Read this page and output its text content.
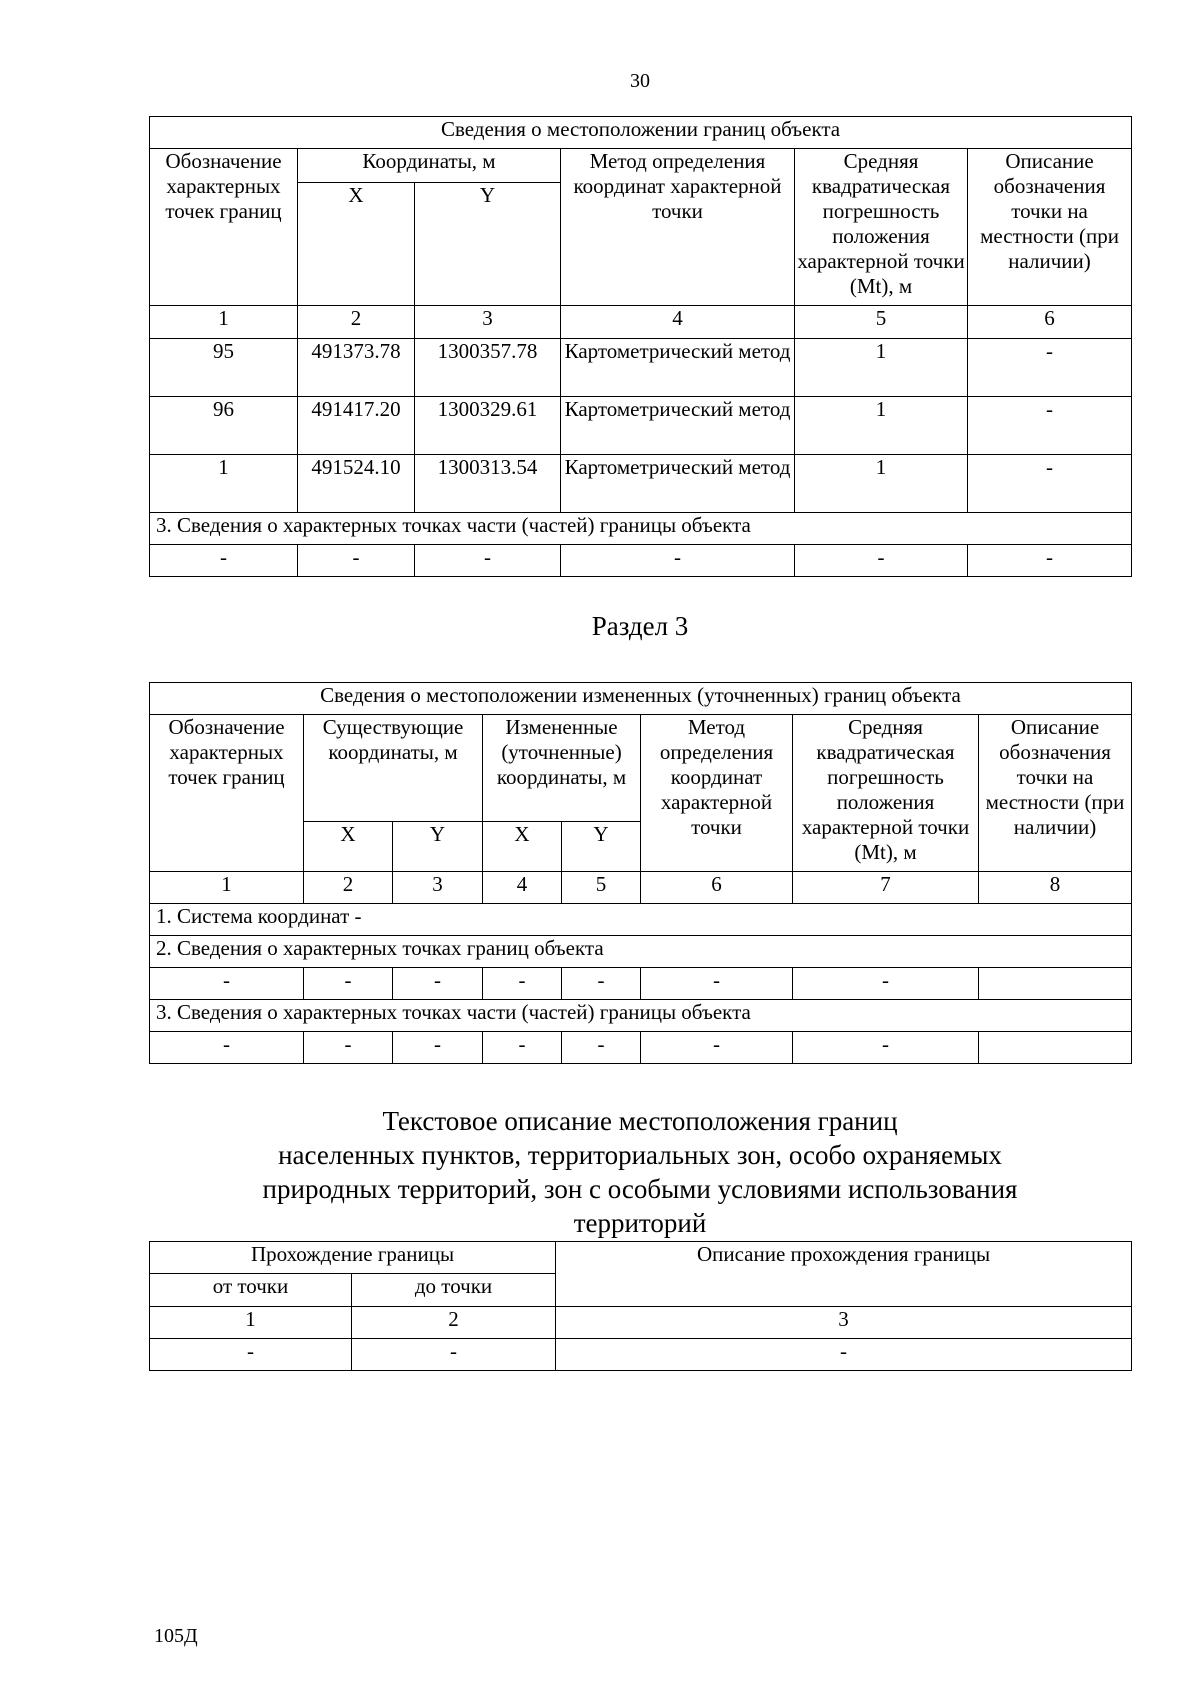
30
Сведения о местоположении границ объекта					
Обозначение характерных точек границ	Координаты, м		Метод определения координат характерной точки	Средняя квадратическая погрешность положения характерной точки (Mt), м	Описание обозначения точки на местности (при наличии)
	X	Y			
1	2	3	4	5	6
95	491373.78	1300357.78	Картометрический метод	1	-
96	491417.20	1300329.61	Картометрический метод	1	-
1	491524.10	1300313.54	Картометрический метод	1	-
3. Сведения о характерных точках части (частей) границы объекта					
-	-	-	-	-	-
Раздел 3
Сведения о местоположении измененных (уточненных) границ объекта							
Обозначение характерных точек границ	Существующие координаты, м		Измененные (уточненные) координаты, м		Метод определения координат характерной точки	Средняя квадратическая погрешность положения характерной точки (Mt), м	Описание обозначения точки на местности (при наличии)
	X	Y	X	Y			
1	2	3	4	5	6	7	8
1. Система координат -							
2. Сведения о характерных точках границ объекта							
-	-	-	-	-	-	-	
3. Сведения о характерных точках части (частей) границы объекта							
-	-	-	-	-	-	-	
Текстовое описание местоположения границ
населенных пунктов, территориальных зон, особо охраняемых
природных территорий, зон с особыми условиями использования
территорий
Прохождение границы		Описание прохождения границы
от точки	до точки	
1	2	3
-	-	-
105Д
